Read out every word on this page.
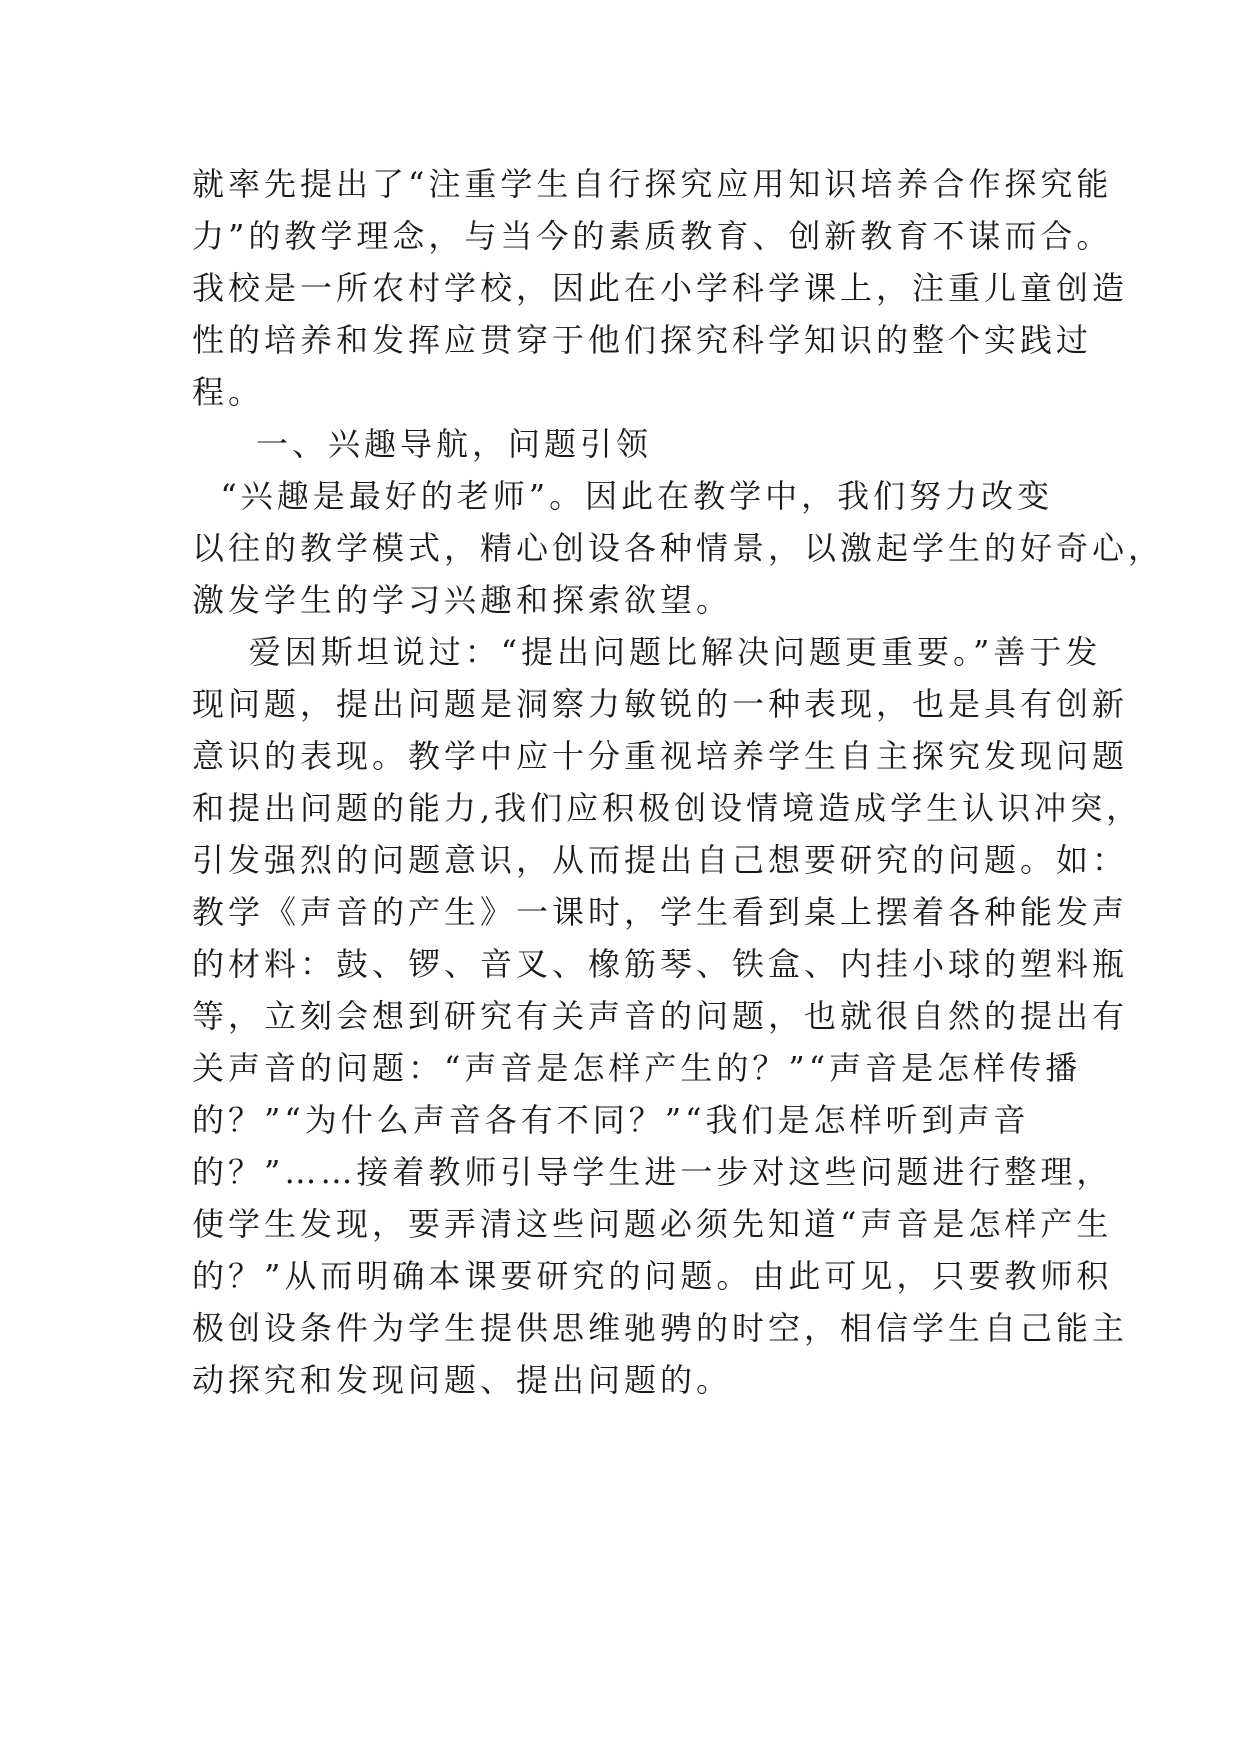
就率先提出了“注重学生自行探究应用知识培养合作探究能
力”的教学理念，与当今的素质教育、创新教育不谋而合。
我校是一所农村学校，因此在小学科学课上，注重儿童创造
性的培养和发挥应贯穿于他们探究科学知识的整个实践过
程。
一、兴趣导航，问题引领
“兴趣是最好的老师”。因此在教学中，我们努力改变
以往的教学模式，精心创设各种情景，以激起学生的好奇心，
激发学生的学习兴趣和探索欲望。
爱因斯坦说过：“提出问题比解决问题更重要。”善于发
现问题，提出问题是洞察力敏锐的一种表现，也是具有创新
意识的表现。教学中应十分重视培养学生自主探究发现问题
和提出问题的能力,我们应积极创设情境造成学生认识冲突，
引发强烈的问题意识，从而提出自己想要研究的问题。如：
教学《声音的产生》一课时，学生看到桌上摆着各种能发声
的材料：鼓、锣、音叉、橡筋琴、铁盒、内挂小球的塑料瓶
等，立刻会想到研究有关声音的问题，也就很自然的提出有
关声音的问题：“声音是怎样产生的？”“声音是怎样传播
的？”“为什么声音各有不同？”“我们是怎样听到声音
的？”……接着教师引导学生进一步对这些问题进行整理，
使学生发现，要弄清这些问题必须先知道“声音是怎样产生
的？”从而明确本课要研究的问题。由此可见，只要教师积
极创设条件为学生提供思维驰骋的时空，相信学生自己能主
动探究和发现问题、提出问题的。
